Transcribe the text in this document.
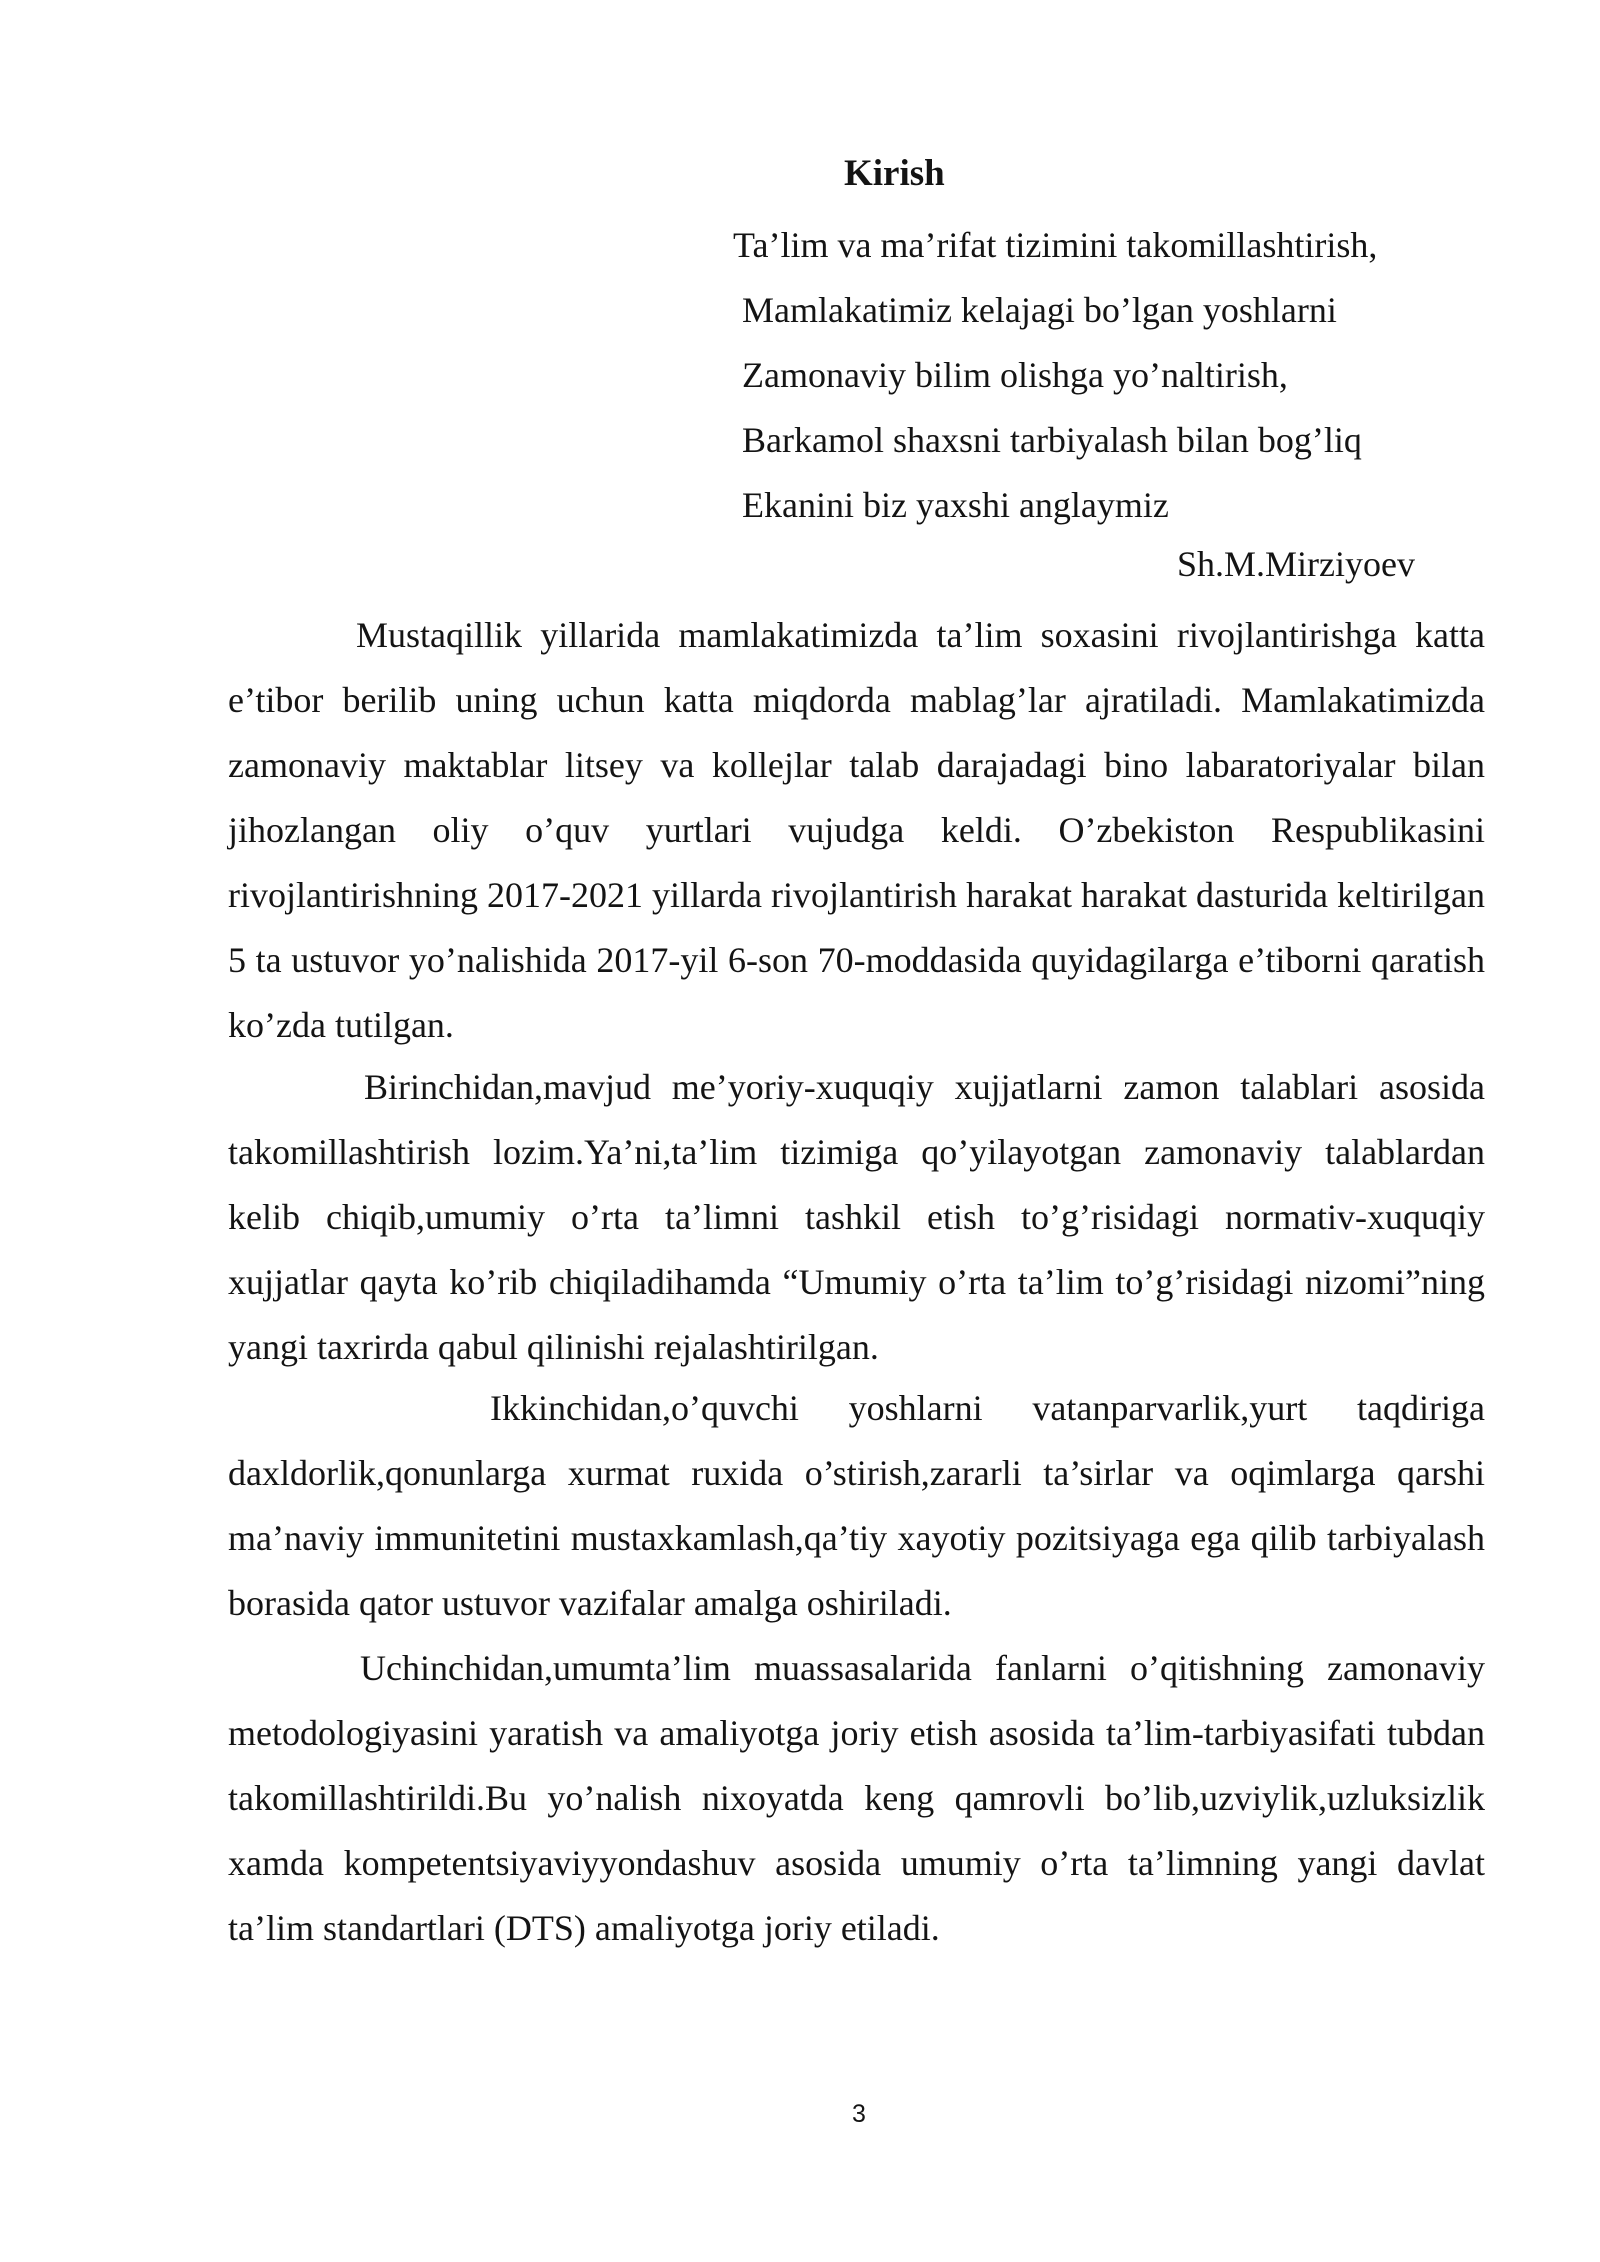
Kirish
Ta’lim va ma’rifat tizimini takomillashtirish,
Mamlakatimiz kelajagi bo’lgan yoshlarni
Zamonaviy bilim olishga yo’naltirish,
Barkamol shaxsni tarbiyalash bilan bog’liq
Ekanini biz yaxshi anglaymiz
Sh.M.Mirziyoev

Mustaqillik yillarida mamlakatimizda ta’lim soxasini rivojlantirishga katta e’tibor berilib uning uchun katta miqdorda mablag’lar ajratiladi. Mamlakatimizda zamonaviy maktablar litsey va kollejlar talab darajadagi bino labaratoriyalar bilan jihozlangan oliy o’quv yurtlari vujudga keldi. O’zbekiston Respublikasini rivojlantirishning 2017-2021 yillarda rivojlantirish harakat harakat dasturida keltirilgan 5 ta ustuvor yo’nalishida 2017-yil 6-son 70-moddasida quyidagilarga e’tiborni qaratish ko’zda tutilgan.

Birinchidan,mavjud me’yoriy-xuquqiy xujjatlarni zamon talablari asosida takomillashtirish lozim.Ya’ni,ta’lim tizimiga qo’yilayotgan zamonaviy talablardan kelib chiqib,umumiy o’rta ta’limni tashkil etish to’g’risidagi normativ-xuquqiy xujjatlar qayta ko’rib chiqiladihamda “Umumiy o’rta ta’lim to’g’risidagi nizomi”ning yangi taxrirda qabul qilinishi rejalashtirilgan.

Ikkinchidan,o’quvchi yoshlarni vatanparvarlik,yurt taqdiriga daxldorlik,qonunlarga xurmat ruxida o’stirish,zararli ta’sirlar va oqimlarga qarshi ma’naviy immunitetini mustaxkamlash,qa’tiy xayotiy pozitsiyaga ega qilib tarbiyalash borasida qator ustuvor vazifalar amalga oshiriladi.

Uchinchidan,umumta’lim muassasalarida fanlarni o’qitishning zamonaviy metodologiyasini yaratish va amaliyotga joriy etish asosida ta’lim-tarbiyasifati tubdan takomillashtirildi.Bu yo’nalish nixoyatda keng qamrovli bo’lib,uzviylik,uzluksizlik xamda kompetentsiyaviyyondashuv asosida umumiy o’rta ta’limning yangi davlat ta’lim standartlari (DTS) amaliyotga joriy etiladi.

3
